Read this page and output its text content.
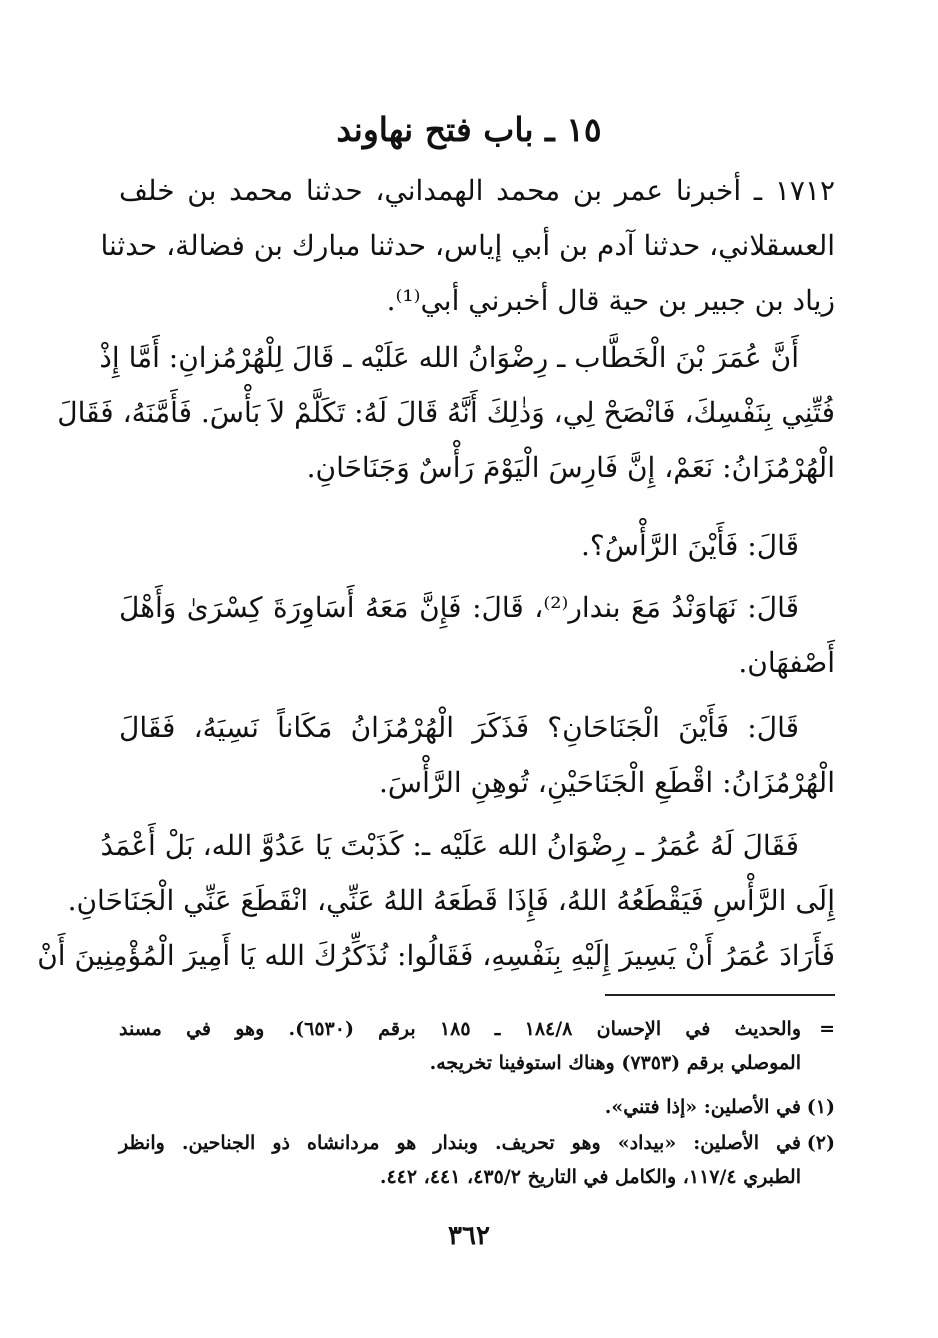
١٥ ـ باب فتح نهاوند
١٧١٢ ـ أخبرنا عمر بن محمد الهمداني، حدثنا محمد بن خلف
العسقلاني، حدثنا آدم بن أبي إياس، حدثنا مبارك بن فضالة، حدثنا
زياد بن جبير بن حية قال أخبرني أبي⁽¹⁾.
أَنَّ عُمَرَ بْنَ الْخَطَّاب ـ رِضْوَانُ الله عَلَيْه ـ قَالَ لِلْهُرْمُزانِ: أَمَّا إِذْ
فُتِّنِي بِنَفْسِكَ، فَانْصَحْ لِي، وَذٰلِكَ أَنَّهُ قَالَ لَهُ: تَكَلَّمْ لاَ بَأْسَ. فَأَمَّنَهُ، فَقَالَ
الْهُرْمُزَانُ: نَعَمْ، إِنَّ فَارِسَ الْيَوْمَ رَأْسٌ وَجَنَاحَانِ.
قَالَ: فَأَيْنَ الرَّأْسُ؟.
قَالَ: نَهَاوَنْدُ مَعَ بندار⁽²⁾، قَالَ: فَإِنَّ مَعَهُ أَسَاوِرَةَ كِسْرَىٰ وَأَهْلَ
أَصْفهَان.
قَالَ: فَأَيْنَ الْجَنَاحَانِ؟ فَذَكَرَ الْهُرْمُزَانُ مَكَاناً نَسِيَهُ، فَقَالَ
الْهُرْمُزَانُ: اقْطَعِ الْجَنَاحَيْنِ، تُوهِنِ الرَّأْسَ.
فَقَالَ لَهُ عُمَرُ ـ رِضْوَانُ الله عَلَيْه ـ: كَذَبْتَ يَا عَدُوَّ الله، بَلْ أَعْمَدُ
إِلَى الرَّأْسِ فَيَقْطَعُهُ اللهُ، فَإِذَا قَطَعَهُ اللهُ عَنِّي، انْقَطَعَ عَنِّي الْجَنَاحَانِ.
فَأَرَادَ عُمَرُ أَنْ يَسِيرَ إِلَيْهِ بِنَفْسِهِ، فَقَالُوا: نُذَكِّرُكَ الله يَا أَمِيرَ الْمُؤْمِنِينَ أَنْ
=والحديث في الإحسان ١٨٤/٨ ـ ١٨٥ برقم (٦٥٣٠). وهو في مسند
الموصلي برقم (٧٣٥٣) وهناك استوفينا تخريجه.
(١)في الأصلين: «إذا فتني».
(٢)في الأصلين: «بيداد» وهو تحريف. وبندار هو مردانشاه ذو الجناحين. وانظر
الطبري ١١٧/٤، والكامل في التاريخ ٤٣٥/٢، ٤٤١، ٤٤٢.
٣٦٢
